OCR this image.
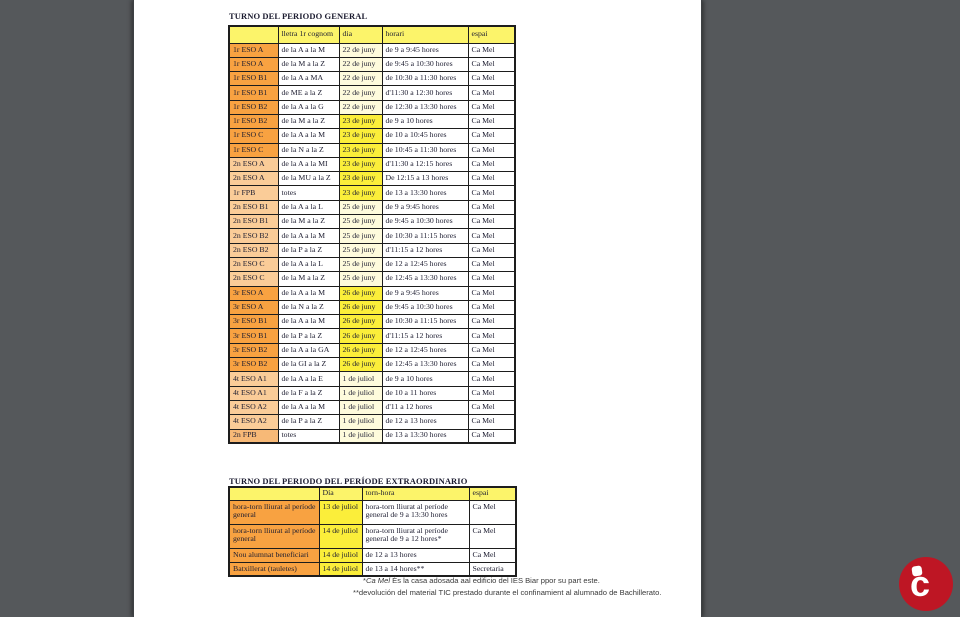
TURNO DEL PERIODO GENERAL
	lletra 1r cognom	dia	horari	espai
1r ESO A	de la A a la M	22 de juny	de 9 a 9:45 hores	Ca Mel
1r ESO A	de la M a la Z	22 de juny	de 9:45 a 10:30 hores	Ca Mel
1r ESO B1	de la A a MA	22 de juny	de 10:30 a 11:30 hores	Ca Mel
1r ESO B1	de ME a la Z	22 de juny	d'11:30 a 12:30 hores	Ca Mel
1r ESO B2	de la A a la G	22 de juny	de 12:30 a 13:30 hores	Ca Mel
1r ESO B2	de la M a la Z	23 de juny	de 9 a 10 hores	Ca Mel
1r ESO C	de la A a la M	23 de juny	de 10 a 10:45 hores	Ca Mel
1r ESO C	de la N a la Z	23 de juny	de 10:45 a 11:30 hores	Ca Mel
2n ESO A	de la A a la MI	23 de juny	d'11:30 a 12:15 hores	Ca Mel
2n ESO A	de la MU a la Z	23 de juny	De 12:15 a 13 hores	Ca Mel
1r FPB	totes	23 de juny	de 13 a 13:30 hores	Ca Mel
2n ESO B1	de la A a la L	25 de juny	de 9 a 9:45 hores	Ca Mel
2n ESO B1	de la M a la Z	25 de juny	de 9:45 a 10:30 hores	Ca Mel
2n ESO B2	de la A a la M	25 de juny	de 10:30 a 11:15 hores	Ca Mel
2n ESO B2	de la P a la Z	25 de juny	d'11:15 a 12 hores	Ca Mel
2n ESO C	de la A a la L	25 de juny	de 12 a 12:45 hores	Ca Mel
2n ESO C	de la M a la Z	25 de juny	de 12:45 a 13:30 hores	Ca Mel
3r ESO A	de la A a la M	26 de juny	de 9 a 9:45 hores	Ca Mel
3r ESO A	de la N a la Z	26 de juny	de 9:45 a 10:30 hores	Ca Mel
3r ESO B1	de la A a la M	26 de juny	de 10:30 a 11:15 hores	Ca Mel
3r ESO B1	de la P a la Z	26 de juny	d'11:15 a 12 hores	Ca Mel
3r ESO B2	de la A a la GA	26 de juny	de 12 a 12:45 hores	Ca Mel
3r ESO B2	de la GI a la Z	26 de juny	de 12:45 a 13:30 hores	Ca Mel
4t ESO A1	de la A a la E	1 de juliol	de 9 a 10 hores	Ca Mel
4t ESO A1	de la F a la Z	1 de juliol	de 10 a 11 hores	Ca Mel
4t ESO A2	de la A a la M	1 de juliol	d'11 a 12 hores	Ca Mel
4t ESO A2	de la P a la Z	1 de juliol	de 12 a 13 hores	Ca Mel
2n FPB	totes	1 de juliol	de 13 a 13:30 hores	Ca Mel
TURNO DEL PERIODO DEL PERÍODE EXTRAORDINARIO
	Día	torn-hora	espai
hora-torn lliurat al període general	13 de juliol	hora-torn lliurat al període general de 9 a 13:30 hores	Ca Mel
hora-torn lliurat al període general	14 de juliol	hora-torn lliurat al període general de 9 a 12 hores*	Ca Mel
Nou alumnat beneficiari	14 de juliol	de 12 a 13 hores	Ca Mel
Batxillerat (tauletes)	14 de juliol	de 13 a 14 hores**	Secretaria
*Ca Mel És la casa adosada aal edificio del IES Biar ppor su part este.
**devolución del material TIC prestado durante el confinamient al alumnado de Bachillerato.	c
